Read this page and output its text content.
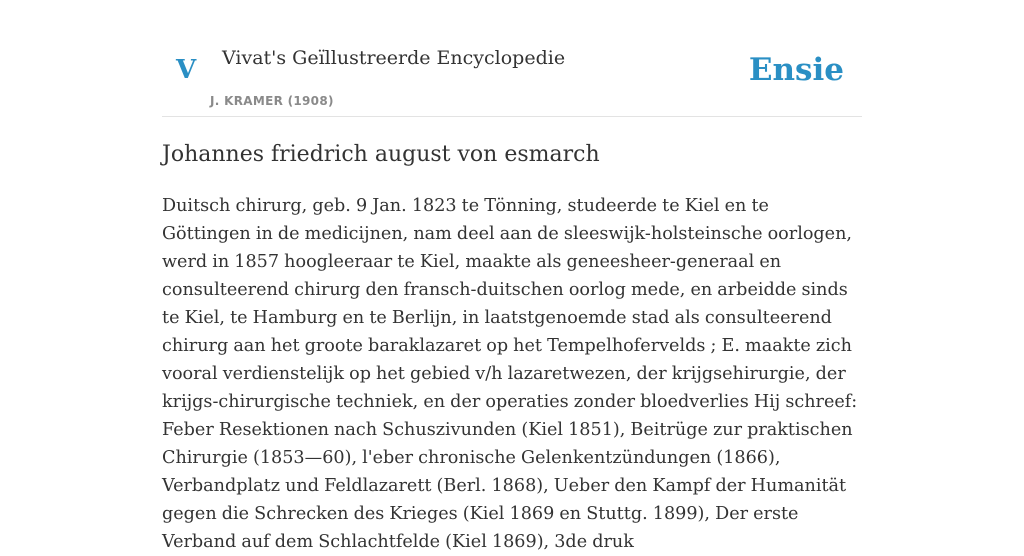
V Vivat's Geïllustreerde Encyclopedie
J. KRAMER (1908)
Ensie
Johannes friedrich august von esmarch

Duitsch chirurg, geb. 9 Jan. 1823 te Tönning, studeerde te Kiel en te Göttingen in de medicijnen, nam deel aan de sleeswijk-holsteinsche oorlogen, werd in 1857 hoogleeraar te Kiel, maakte als geneesheer-generaal en consulteerend chirurg den fransch-duitschen oorlog mede, en arbeidde sinds te Kiel, te Hamburg en te Berlijn, in laatstgenoemde stad als consulteerend chirurg aan het groote baraklazaret op het Tempelhofervelds ; E. maakte zich vooral verdienstelijk op het gebied v/h lazaretwezen, der krijgsehirurgie, der krijgs-chirurgische techniek, en der operaties zonder bloedverlies Hij schreef: Feber Resektionen nach Schuszivunden (Kiel 1851), Beitrüge zur praktischen Chirurgie (1853—60), l'eber chronische Gelenkentzündungen (1866), Verbandplatz und Feldlazarett (Berl. 1868), Ueber den Kampf der Humanität gegen die Schrecken des Krieges (Kiel 1869 en Stuttg. 1899), Der erste Verband auf dem Schlachtfelde (Kiel 1869), 3de druk
